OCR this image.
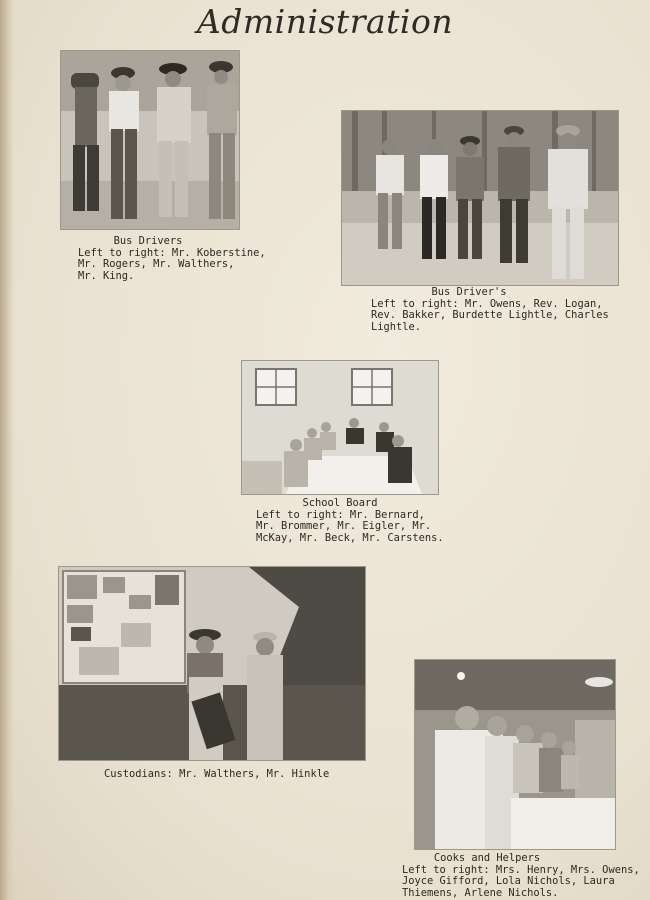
Administration
Bus Drivers
Left to right: Mr. Koberstine,
Mr. Rogers, Mr. Walthers,
Mr. King.
Bus Driver's
Left to right: Mr. Owens, Rev. Logan,
Rev. Bakker, Burdette Lightle, Charles
Lightle.
School Board
Left to right: Mr. Bernard,
Mr. Brommer, Mr. Eigler, Mr.
McKay, Mr. Beck, Mr. Carstens.
Custodians: Mr. Walthers, Mr. Hinkle
Cooks and Helpers
Left to right: Mrs. Henry, Mrs. Owens,
Joyce Gifford, Lola Nichols, Laura
Thiemens, Arlene Nichols.
